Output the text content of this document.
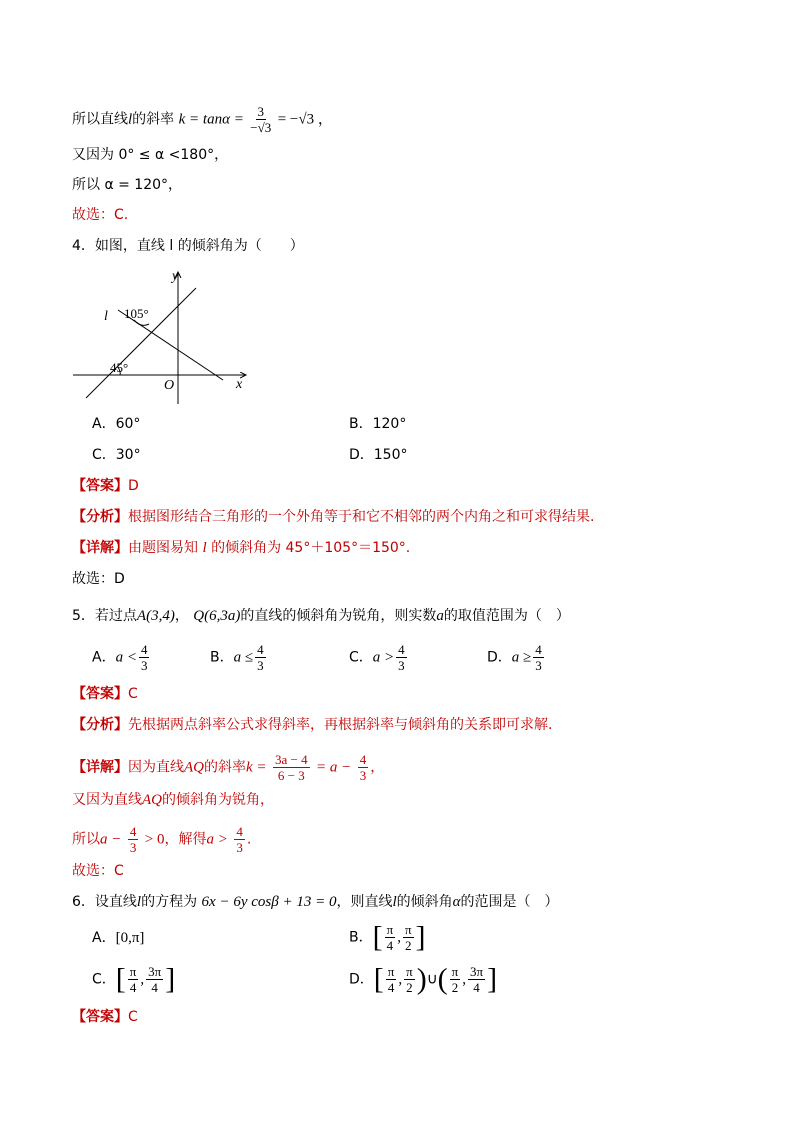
所以直线l的斜率 $k = \tan\alpha = \frac{3}{-√3} = -√3$ ，
又因为 0° ≤ α <180°，
所以 α = 120°，
故选：C.
4．如图，直线 l 的倾斜角为（　　）
y
x
O
l 105°
45°
A．60°	B．120°
C．30°	D．150°
【答案】D
【分析】根据图形结合三角形的一个外角等于和它不相邻的两个内角之和可求得结果.
【详解】由题图易知 l 的倾斜角为 45°＋105°＝150°.
故选：D
5．若过点A(3,4)， Q(6,3a)的直线的倾斜角为锐角，则实数a的取值范围为（　）
A．$a < \frac{4}{3}$	B．$a \le \frac{4}{3}$	C．$a > \frac{4}{3}$	D．$a \ge \frac{4}{3}$
【答案】C
【分析】先根据两点斜率公式求得斜率，再根据斜率与倾斜角的关系即可求解.
【详解】因为直线AQ的斜率$k = \frac{3a - 4}{6 - 3} = a - \frac{4}{3}$ ，
又因为直线AQ的倾斜角为锐角，
所以$a - \frac{4}{3} > 0$，解得$a > \frac{4}{3}$ .
故选：C
6．设直线l的方程为 6x − 6y cosβ + 13 = 0，则直线l的倾斜角α的范围是（　）
A．[0,π]	B．[ $\frac{\pi}{4}$ , $\frac{\pi}{2}$ ]
C．[ $\frac{\pi}{4}$ , $\frac{3\pi}{4}$ ]	D．[ $\frac{\pi}{4}$ , $\frac{\pi}{2}$ )∪( $\frac{\pi}{2}$ , $\frac{3\pi}{4}$ ]
【答案】C
